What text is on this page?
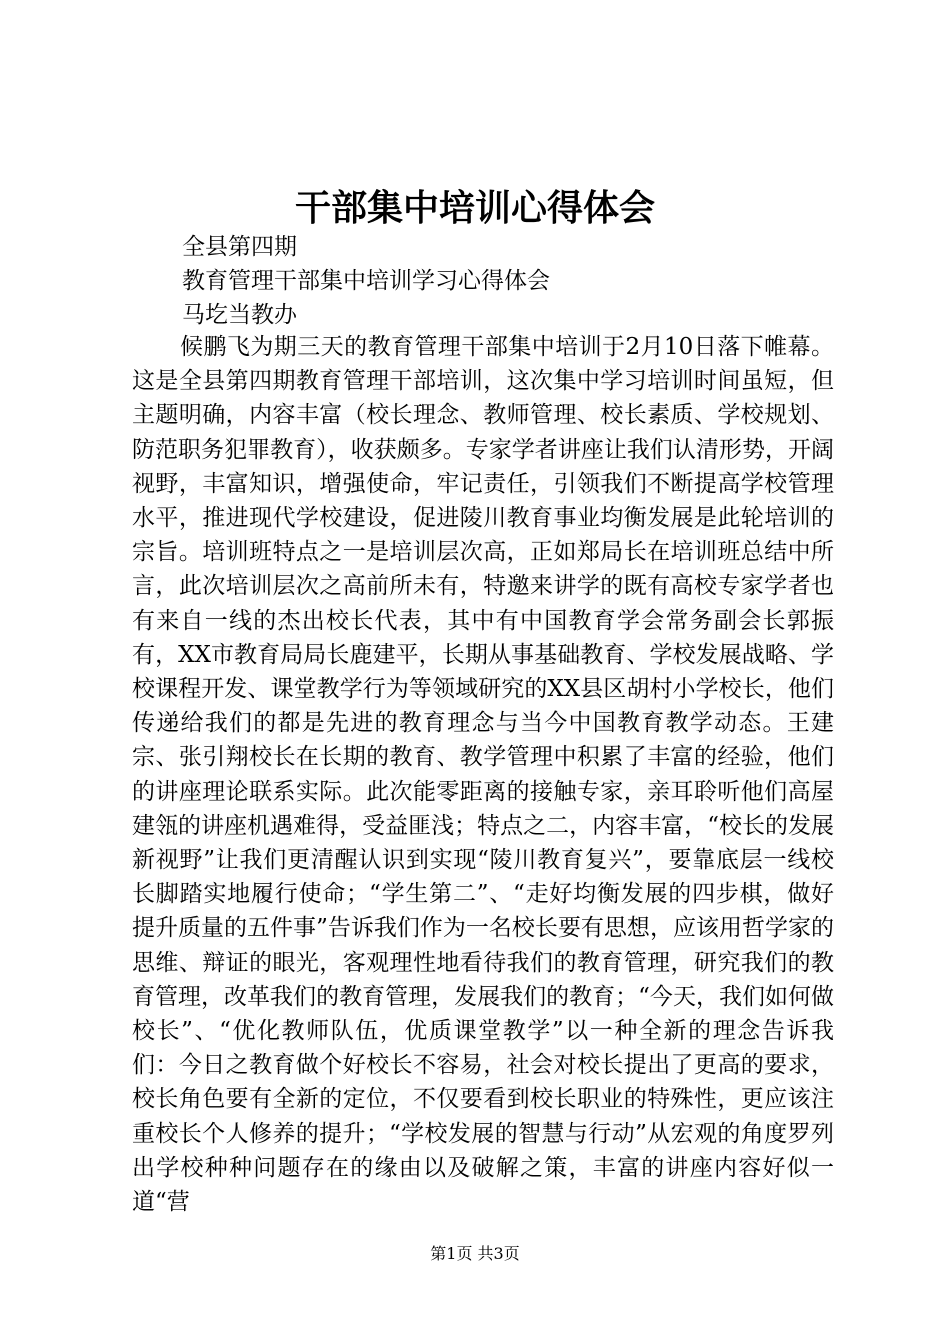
干部集中培训心得体会
全县第四期
教育管理干部集中培训学习心得体会
马圪当教办

候鹏飞为期三天的教育管理干部集中培训于2月10日落下帷幕。这是全县第四期教育管理干部培训，这次集中学习培训时间虽短，但主题明确，内容丰富（校长理念、教师管理、校长素质、学校规划、防范职务犯罪教育），收获颇多。专家学者讲座让我们认清形势，开阔视野，丰富知识，增强使命，牢记责任，引领我们不断提高学校管理水平，推进现代学校建设，促进陵川教育事业均衡发展是此轮培训的宗旨。培训班特点之一是培训层次高，正如郑局长在培训班总结中所言，此次培训层次之高前所未有，特邀来讲学的既有高校专家学者也有来自一线的杰出校长代表，其中有中国教育学会常务副会长郭振有，XX市教育局局长鹿建平，长期从事基础教育、学校发展战略、学校课程开发、课堂教学行为等领域研究的XX县区胡村小学校长，他们传递给我们的都是先进的教育理念与当今中国教育教学动态。王建宗、张引翔校长在长期的教育、教学管理中积累了丰富的经验，他们的讲座理论联系实际。此次能零距离的接触专家，亲耳聆听他们高屋建瓴的讲座机遇难得，受益匪浅；特点之二，内容丰富，“校长的发展新视野”让我们更清醒认识到实现“陵川教育复兴”，要靠底层一线校长脚踏实地履行使命；“学生第二”、“走好均衡发展的四步棋，做好提升质量的五件事”告诉我们作为一名校长要有思想，应该用哲学家的思维、辩证的眼光，客观理性地看待我们的教育管理，研究我们的教育管理，改革我们的教育管理，发展我们的教育；“今天，我们如何做校长”、“优化教师队伍，优质课堂教学”以一种全新的理念告诉我们：今日之教育做个好校长不容易，社会对校长提出了更高的要求，校长角色要有全新的定位，不仅要看到校长职业的特殊性，更应该注重校长个人修养的提升；“学校发展的智慧与行动”从宏观的角度罗列出学校种种问题存在的缘由以及破解之策，丰富的讲座内容好似一道“营

第1页 共3页
